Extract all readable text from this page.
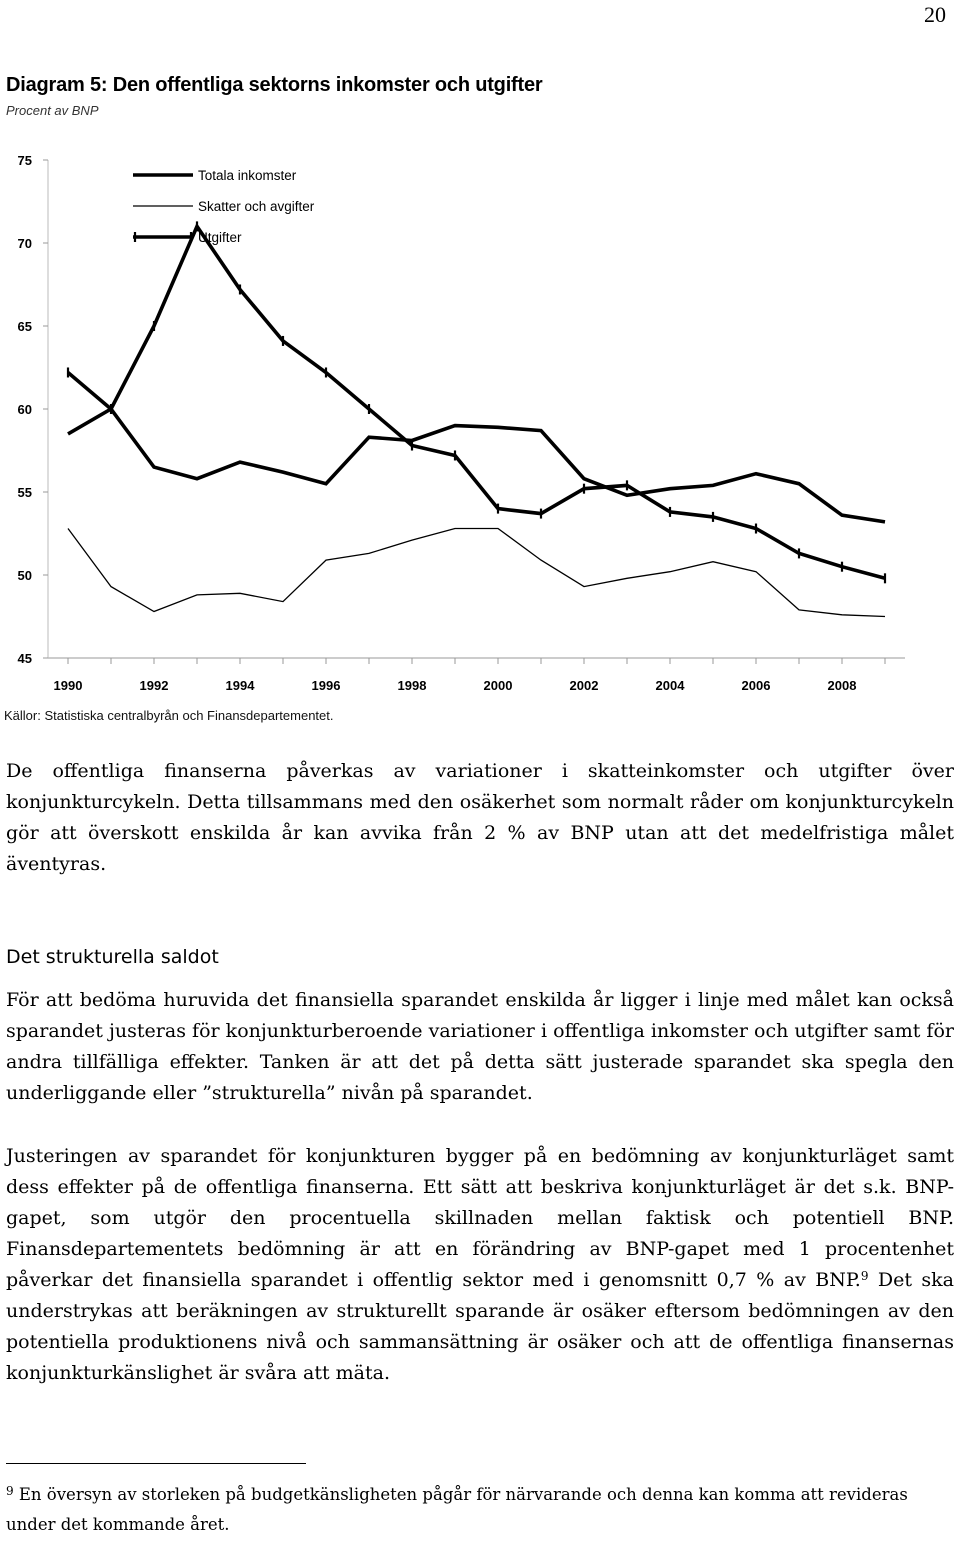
20
Diagram 5: Den offentliga sektorns inkomster och utgifter
Procent av BNP
45
50
55
60
65
70
75
1990	1992	1994	1996	1998	2000	2002	2004	2006	2008
Totala inkomster
Skatter och avgifter
Utgifter
Källor: Statistiska centralbyrån och Finansdepartementet.

De offentliga finanserna påverkas av variationer i skatteinkomster och utgifter över konjunkturcykeln. Detta tillsammans med den osäkerhet som normalt råder om konjunkturcykeln gör att överskott enskilda år kan avvika från 2 % av BNP utan att det medelfristiga målet äventyras.

Det strukturella saldot

För att bedöma huruvida det finansiella sparandet enskilda år ligger i linje med målet kan också sparandet justeras för konjunkturberoende variationer i offentliga inkomster och utgifter samt för andra tillfälliga effekter. Tanken är att det på detta sätt justerade sparandet ska spegla den underliggande eller ”strukturella” nivån på sparandet.

Justeringen av sparandet för konjunkturen bygger på en bedömning av konjunkturläget samt dess effekter på de offentliga finanserna. Ett sätt att beskriva konjunkturläget är det s.k. BNP-gapet, som utgör den procentuella skillnaden mellan faktisk och potentiell BNP. Finansdepartementets bedömning är att en förändring av BNP-gapet med 1 procentenhet påverkar det finansiella sparandet i offentlig sektor med i genomsnitt 0,7 % av BNP.$^9$ Det ska understrykas att beräkningen av strukturellt sparande är osäker eftersom bedömningen av den potentiella produktionens nivå och sammansättning är osäker och att de offentliga finansernas konjunkturkänslighet är svåra att mäta.

$^9$ En översyn av storleken på budgetkänsligheten pågår för närvarande och denna kan komma att revideras under det kommande året.
